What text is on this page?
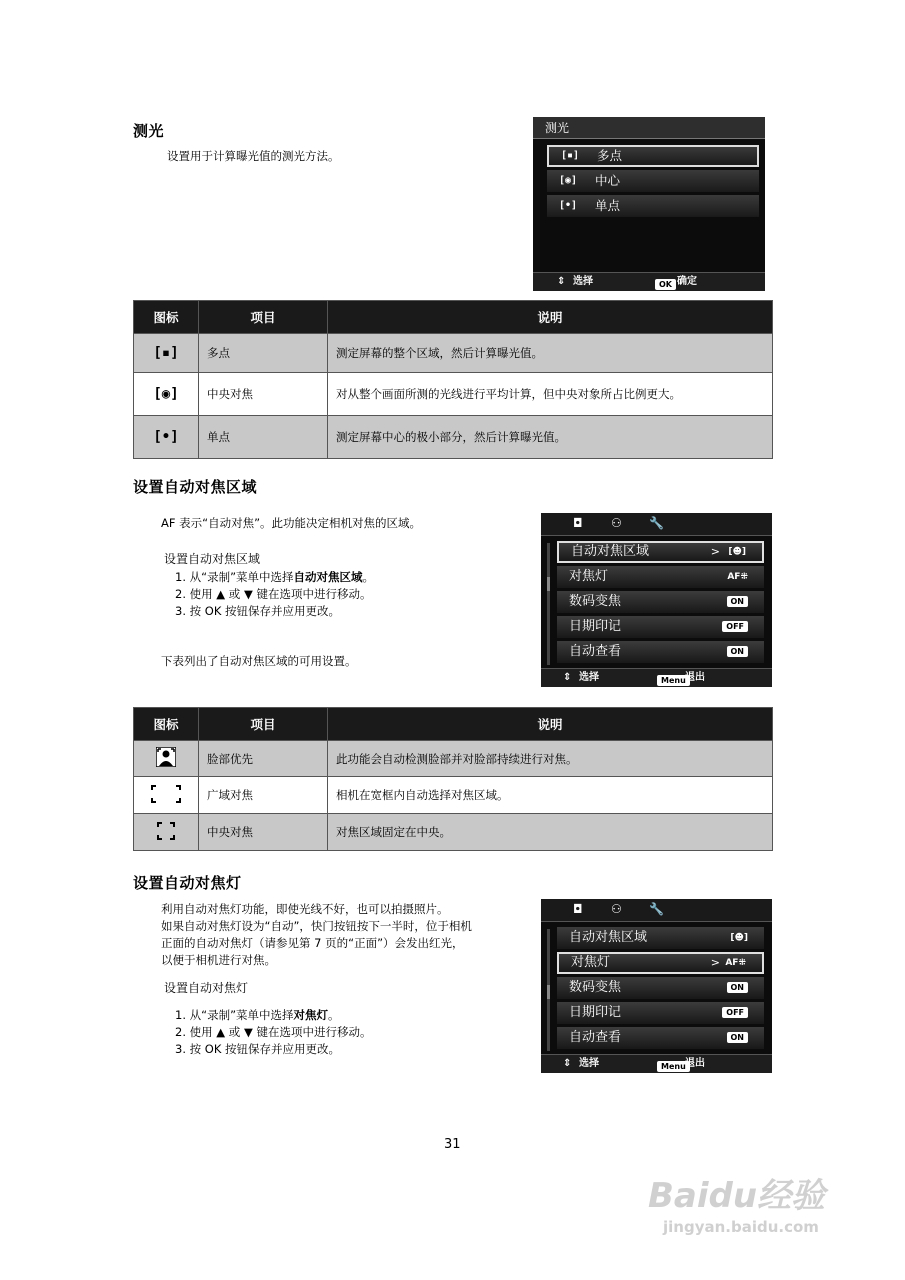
测光
设置用于计算曝光值的测光方法。
测光
[▪] 多点
[◉] 中心
[•] 单点
⇕ 选择	OK 确定
图标	项目	说明
[▪]	多点	测定屏幕的整个区域，然后计算曝光值。
[◉]	中央对焦	对从整个画面所测的光线进行平均计算，但中央对象所占比例更大。
[•]	单点	测定屏幕中心的极小部分，然后计算曝光值。
设置自动对焦区域
AF 表示“自动对焦”。此功能决定相机对焦的区域。
设置自动对焦区域
1. 从“录制”菜单中选择自动对焦区域。
2. 使用 ▲ 或 ▼ 键在选项中进行移动。
3. 按 OK 按钮保存并应用更改。
下表列出了自动对焦区域的可用设置。
◘ ⚇ 🔧
自动对焦区域	> [☻]
对焦灯	AF⁜
数码变焦	ON
日期印记	OFF
自动查看	ON
⇕ 选择	Menu 退出
图标	项目	说明
	脸部优先	此功能会自动检测脸部并对脸部持续进行对焦。
	广域对焦	相机在宽框内自动选择对焦区域。
	中央对焦	对焦区域固定在中央。
设置自动对焦灯
利用自动对焦灯功能，即使光线不好，也可以拍摄照片。
如果自动对焦灯设为“自动”，快门按钮按下一半时，位于相机
正面的自动对焦灯（请参见第 7 页的“正面”）会发出红光，
以便于相机进行对焦。
设置自动对焦灯
1. 从“录制”菜单中选择对焦灯。
2. 使用 ▲ 或 ▼ 键在选项中进行移动。
3. 按 OK 按钮保存并应用更改。
◘ ⚇ 🔧
自动对焦区域	[☻]
对焦灯	> AF⁜
数码变焦	ON
日期印记	OFF
自动查看	ON
⇕ 选择	Menu 退出
31
Baidu经验
jingyan.baidu.com
